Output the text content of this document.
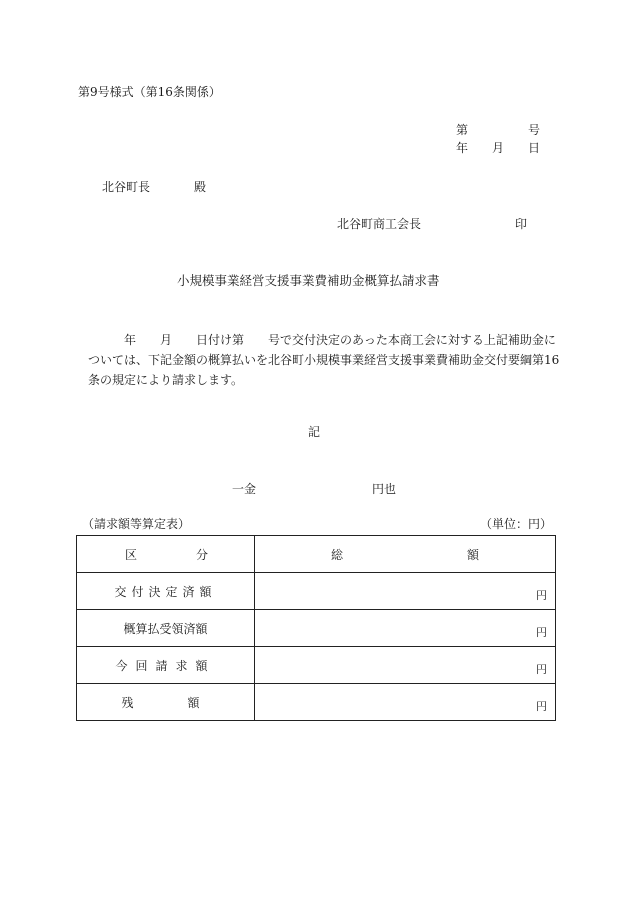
第9号様式（第16条関係）
第	号
年 月 日
北谷町長	殿
北谷町商工会長	印
小規模事業経営支援事業費補助金概算払請求書
年　　月　　日付け第　　号で交付決定のあった本商工会に対する上記補助金に
ついては、下記金額の概算払いを北谷町小規模事業経営支援事業費補助金交付要綱第16
条の規定により請求します。
記
一金	円也
（請求額等算定表）	（単位：円）
区 分	総 額

交付決定済額	円

概算払受領済額	円

今回請求額	円

残　　額	円
